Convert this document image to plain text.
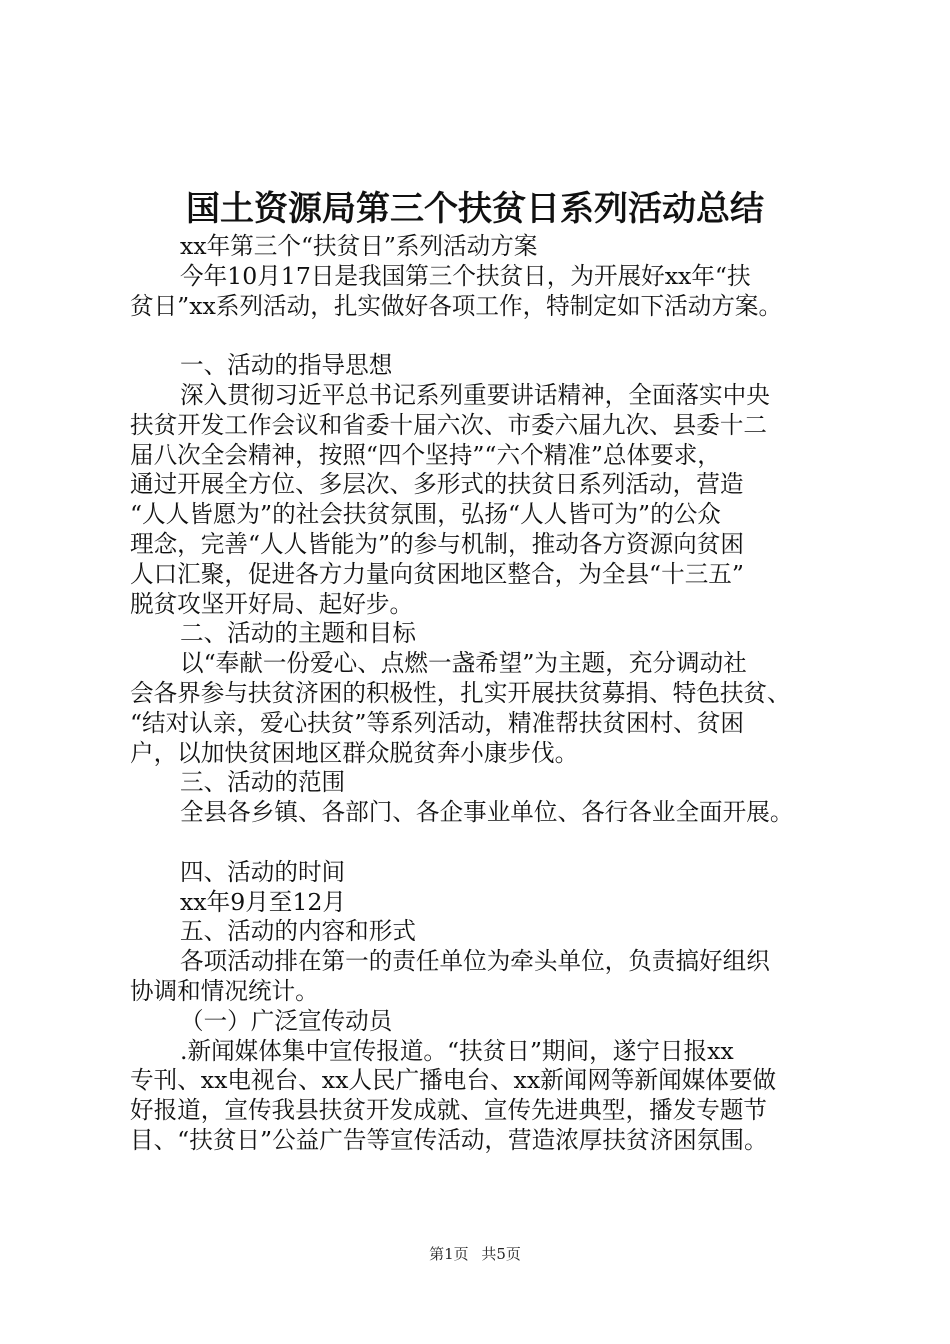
国土资源局第三个扶贫日系列活动总结
xx年第三个“扶贫日”系列活动方案
今年10月17日是我国第三个扶贫日，为开展好xx年“扶
贫日”xx系列活动，扎实做好各项工作，特制定如下活动方案。
一、活动的指导思想
深入贯彻习近平总书记系列重要讲话精神，全面落实中央
扶贫开发工作会议和省委十届六次、市委六届九次、县委十二
届八次全会精神，按照“四个坚持”“六个精准”总体要求，
通过开展全方位、多层次、多形式的扶贫日系列活动，营造
“人人皆愿为”的社会扶贫氛围，弘扬“人人皆可为”的公众
理念，完善“人人皆能为”的参与机制，推动各方资源向贫困
人口汇聚，促进各方力量向贫困地区整合，为全县“十三五”
脱贫攻坚开好局、起好步。
二、活动的主题和目标
以“奉献一份爱心、点燃一盏希望”为主题，充分调动社
会各界参与扶贫济困的积极性，扎实开展扶贫募捐、特色扶贫、
“结对认亲，爱心扶贫”等系列活动，精准帮扶贫困村、贫困
户，以加快贫困地区群众脱贫奔小康步伐。
三、活动的范围
全县各乡镇、各部门、各企事业单位、各行各业全面开展。
四、活动的时间
xx年9月至12月
五、活动的内容和形式
各项活动排在第一的责任单位为牵头单位，负责搞好组织
协调和情况统计。
（一）广泛宣传动员
.新闻媒体集中宣传报道。“扶贫日”期间，遂宁日报xx
专刊、xx电视台、xx人民广播电台、xx新闻网等新闻媒体要做
好报道，宣传我县扶贫开发成就、宣传先进典型，播发专题节
目、“扶贫日”公益广告等宣传活动，营造浓厚扶贫济困氛围。
第1页 共5页
